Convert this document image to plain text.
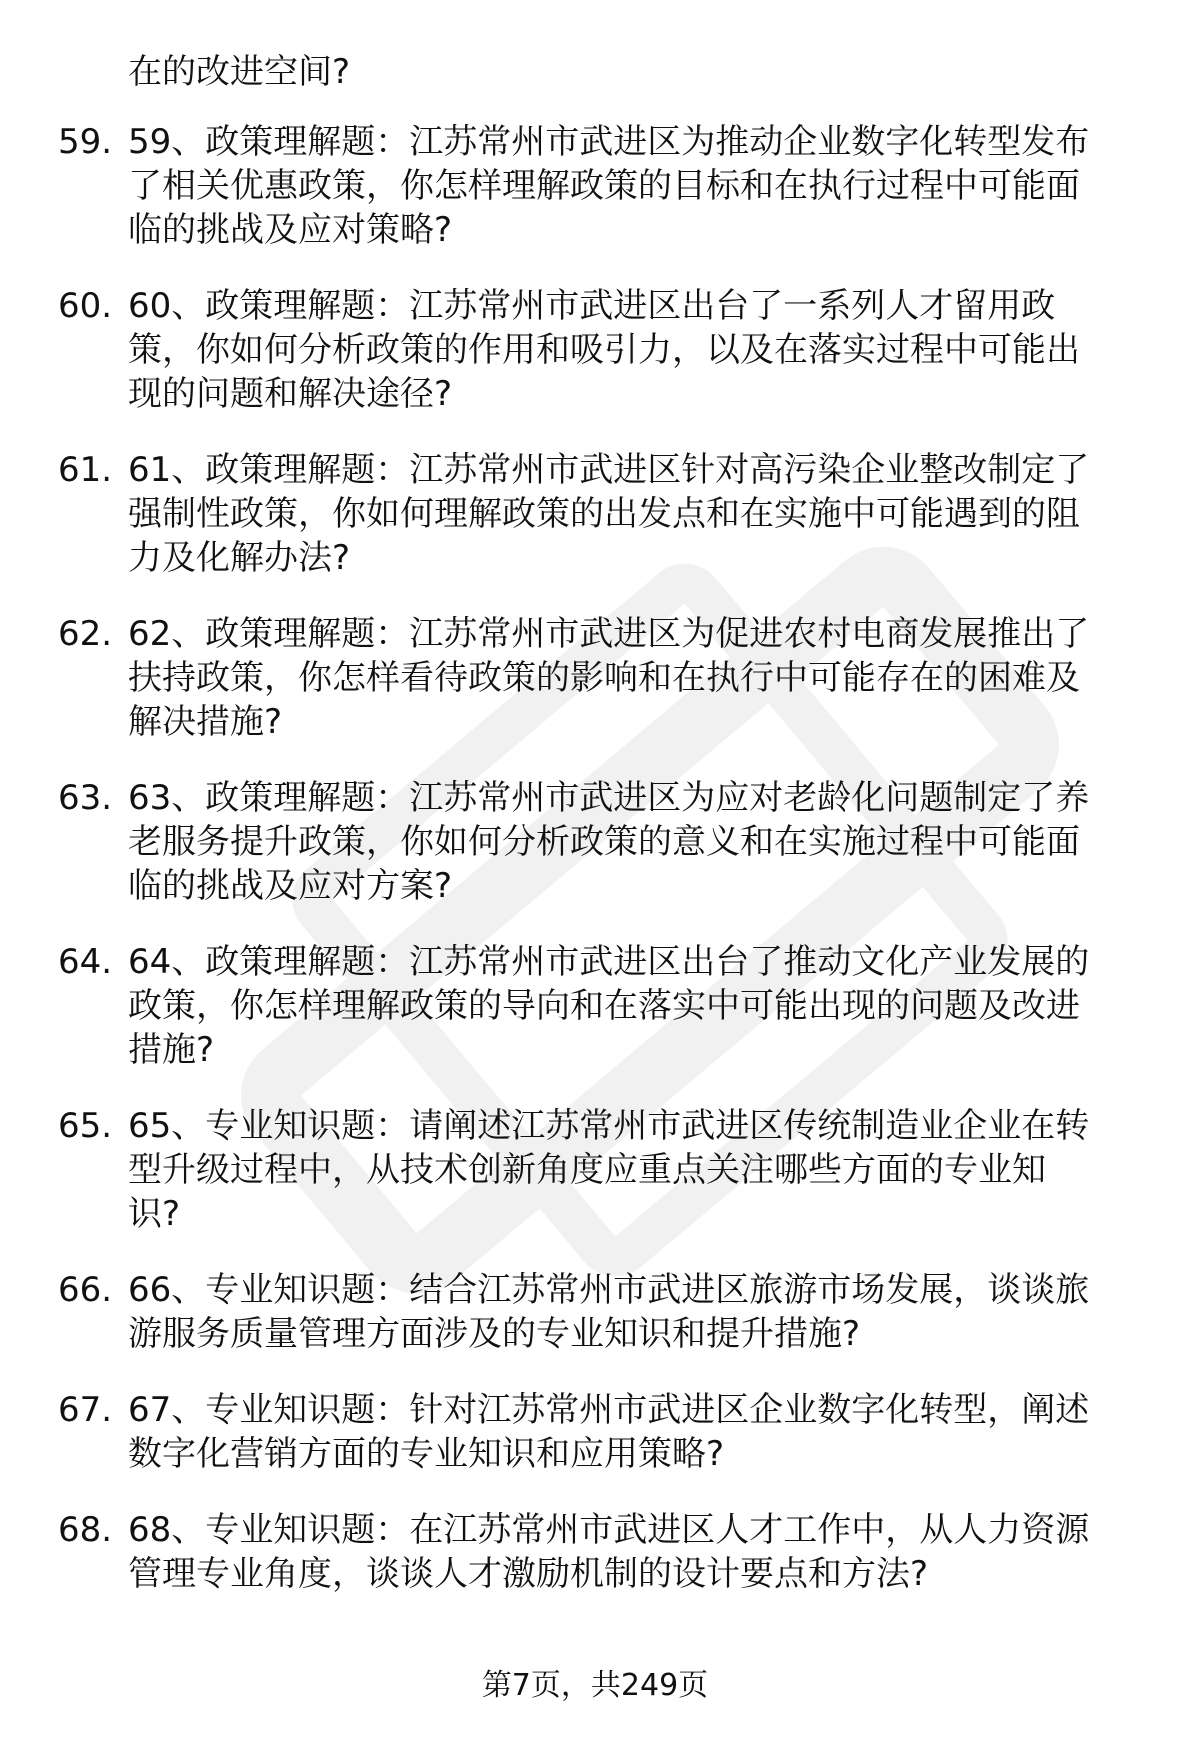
在的改进空间?
59. 59、政策理解题：江苏常州市武进区为推动企业数字化转型发布
了相关优惠政策，你怎样理解政策的目标和在执行过程中可能面
临的挑战及应对策略?
60. 60、政策理解题：江苏常州市武进区出台了一系列人才留用政
策，你如何分析政策的作用和吸引力，以及在落实过程中可能出
现的问题和解决途径?
61. 61、政策理解题：江苏常州市武进区针对高污染企业整改制定了
强制性政策，你如何理解政策的出发点和在实施中可能遇到的阻
力及化解办法?
62. 62、政策理解题：江苏常州市武进区为促进农村电商发展推出了
扶持政策，你怎样看待政策的影响和在执行中可能存在的困难及
解决措施?
63. 63、政策理解题：江苏常州市武进区为应对老龄化问题制定了养
老服务提升政策，你如何分析政策的意义和在实施过程中可能面
临的挑战及应对方案?
64. 64、政策理解题：江苏常州市武进区出台了推动文化产业发展的
政策，你怎样理解政策的导向和在落实中可能出现的问题及改进
措施?
65. 65、专业知识题：请阐述江苏常州市武进区传统制造业企业在转
型升级过程中，从技术创新角度应重点关注哪些方面的专业知
识?
66. 66、专业知识题：结合江苏常州市武进区旅游市场发展，谈谈旅
游服务质量管理方面涉及的专业知识和提升措施?
67. 67、专业知识题：针对江苏常州市武进区企业数字化转型，阐述
数字化营销方面的专业知识和应用策略?
68. 68、专业知识题：在江苏常州市武进区人才工作中，从人力资源
管理专业角度，谈谈人才激励机制的设计要点和方法?
第7页，共249页
